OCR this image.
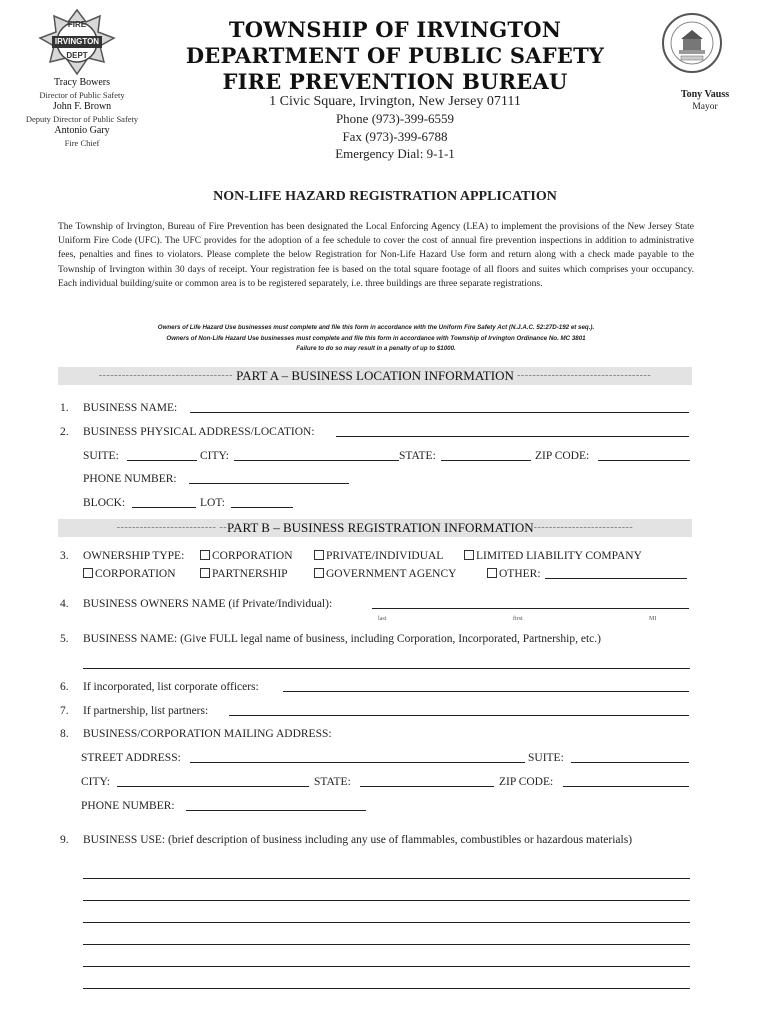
FIRE
IRVINGTON
DEPT
TOWNSHIP OF IRVINGTON
DEPARTMENT OF PUBLIC SAFETY
FIRE PREVENTION BUREAU
1 Civic Square, Irvington, New Jersey 07111
Phone (973)-399-6559
Fax (973)-399-6788
Emergency Dial: 9-1-1
Tracy Bowers
Director of Public Safety
John F. Brown
Deputy Director of Public Safety
Antonio Gary
Fire Chief
Tony Vauss
Mayor
NON-LIFE HAZARD REGISTRATION APPLICATION
The Township of Irvington, Bureau of Fire Prevention has been designated the Local Enforcing Agency (LEA) to implement the provisions of the New Jersey State Uniform Fire Code (UFC). The UFC provides for the adoption of a fee schedule to cover the cost of annual fire prevention inspections in addition to administrative fees, penalties and fines to violators. Please complete the below Registration for Non-Life Hazard Use form and return along with a check made payable to the Township of Irvington within 30 days of receipt. Your registration fee is based on the total square footage of all floors and suites which comprises your occupancy. Each individual building/suite or common area is to be registered separately, i.e. three buildings are three separate registrations.
Owners of Life Hazard Use businesses must complete and file this form in accordance with the Uniform Fire Safety Act (N.J.A.C. 52:27D-192 et seq.).
Owners of Non-Life Hazard Use businesses must complete and file this form in accordance with Township of Irvington Ordinance No. MC 3801
Failure to do so may result in a penalty of up to $1000.
-----------------------------------
PART A – BUSINESS LOCATION INFORMATION
-----------------------------------
1. BUSINESS NAME:
2. BUSINESS PHYSICAL ADDRESS/LOCATION:
SUITE:	CITY:	STATE:	ZIP CODE:
PHONE NUMBER:
BLOCK:	LOT:
-------------------------- -- PART B – BUSINESS REGISTRATION INFORMATION --------------------------
3. OWNERSHIP TYPE:	CORPORATION	PRIVATE/INDIVIDUAL	LIMITED LIABILITY COMPANY
CORPORATION	PARTNERSHIP	GOVERNMENT AGENCY	OTHER:
4. BUSINESS OWNERS NAME (if Private/Individual):
last	first	MI
5. BUSINESS NAME: (Give FULL legal name of business, including Corporation, Incorporated, Partnership, etc.)
6. If incorporated, list corporate officers:
7. If partnership, list partners:
8. BUSINESS/CORPORATION MAILING ADDRESS:
STREET ADDRESS:	SUITE:
CITY:	STATE:	ZIP CODE:
PHONE NUMBER:
9. BUSINESS USE: (brief description of business including any use of flammables, combustibles or hazardous materials)
